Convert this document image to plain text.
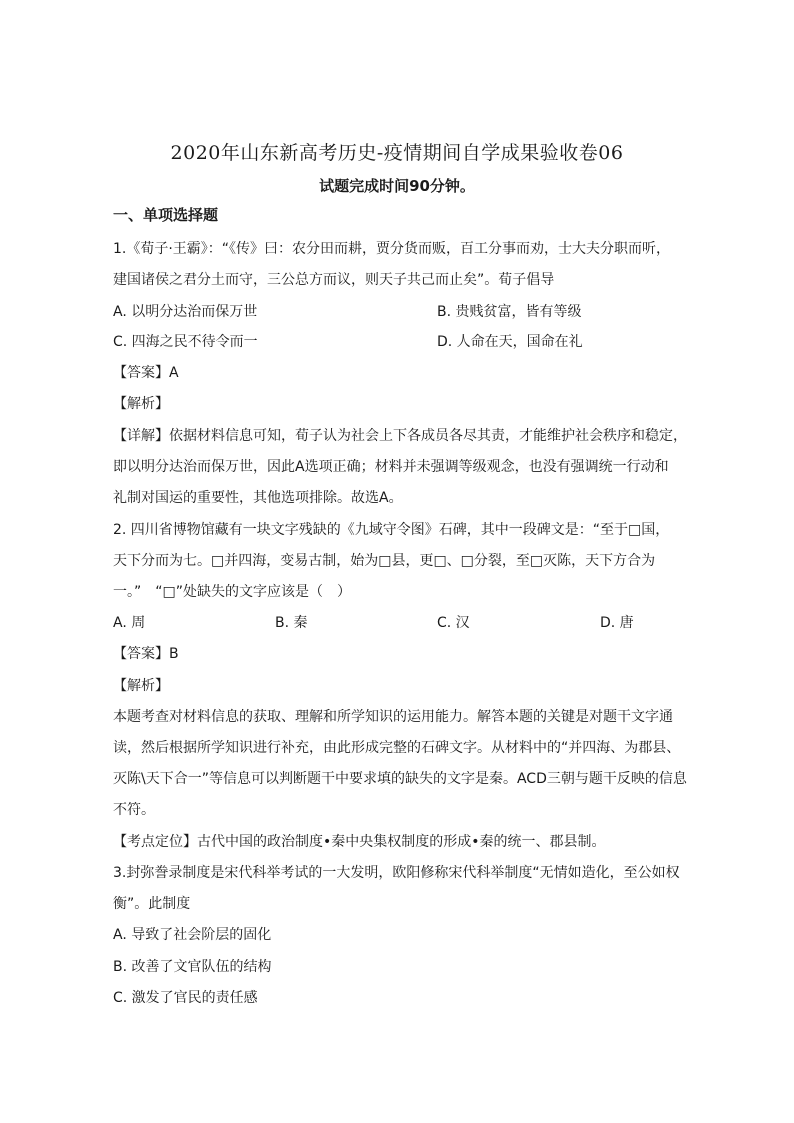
2020年山东新高考历史-疫情期间自学成果验收卷06
试题完成时间90分钟。
一、单项选择题
1.《荀子·王霸》：“《传》曰：农分田而耕，贾分货而贩，百工分事而劝，士大夫分职而听，
建国诸侯之君分土而守，三公总方而议，则天子共己而止矣”。荀子倡导
A. 以明分达治而保万世	B. 贵贱贫富，皆有等级
C. 四海之民不待令而一	D. 人命在天，国命在礼
【答案】A
【解析】
【详解】依据材料信息可知，荀子认为社会上下各成员各尽其责，才能维护社会秩序和稳定，
即以明分达治而保万世，因此A选项正确；材料并未强调等级观念，也没有强调统一行动和
礼制对国运的重要性，其他选项排除。故选A。
2. 四川省博物馆藏有一块文字残缺的《九域守令图》石碑，其中一段碑文是：“至于□国，
天下分而为七。□并四海，变易古制，始为□县，更□、□分裂，至□灭陈，天下方合为
一。”　“□”处缺失的文字应该是（　）
A. 周	B. 秦	C. 汉	D. 唐
【答案】B
【解析】
本题考查对材料信息的获取、理解和所学知识的运用能力。解答本题的关键是对题干文字通
读，然后根据所学知识进行补充，由此形成完整的石碑文字。从材料中的“并四海、为郡县、
灭陈\天下合一”等信息可以判断题干中要求填的缺失的文字是秦。ACD三朝与题干反映的信息
不符。
【考点定位】古代中国的政治制度•秦中央集权制度的形成•秦的统一、郡县制。
3.封弥誊录制度是宋代科举考试的一大发明，欧阳修称宋代科举制度“无情如造化，至公如权
衡”。此制度
A. 导致了社会阶层的固化
B. 改善了文官队伍的结构
C. 激发了官民的责任感
